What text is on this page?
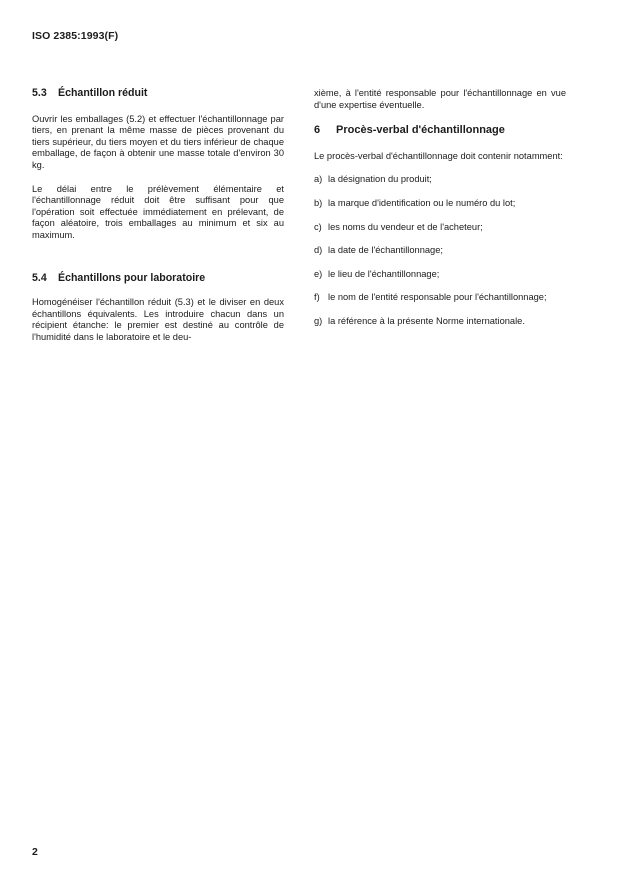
ISO 2385:1993(F)
5.3 Échantillon réduit

Ouvrir les emballages (5.2) et effectuer l'échantillonnage par tiers, en prenant la même masse de pièces provenant du tiers supérieur, du tiers moyen et du tiers inférieur de chaque emballage, de façon à obtenir une masse totale d'environ 30 kg.

Le délai entre le prélèvement élémentaire et l'échantillonnage réduit doit être suffisant pour que l'opération soit effectuée immédiatement en prélevant, de façon aléatoire, trois emballages au minimum et six au maximum.

5.4 Échantillons pour laboratoire

Homogénéiser l'échantillon réduit (5.3) et le diviser en deux échantillons équivalents. Les introduire chacun dans un récipient étanche: le premier est destiné au contrôle de l'humidité dans le laboratoire et le deu-

xième, à l'entité responsable pour l'échantillonnage en vue d'une expertise éventuelle.

6 Procès-verbal d'échantillonnage

Le procès-verbal d'échantillonnage doit contenir notamment:

a) la désignation du produit;
b) la marque d'identification ou le numéro du lot;
c) les noms du vendeur et de l'acheteur;
d) la date de l'échantillonnage;
e) le lieu de l'échantillonnage;
f) le nom de l'entité responsable pour l'échantillonnage;
g) la référence à la présente Norme internationale.
2
